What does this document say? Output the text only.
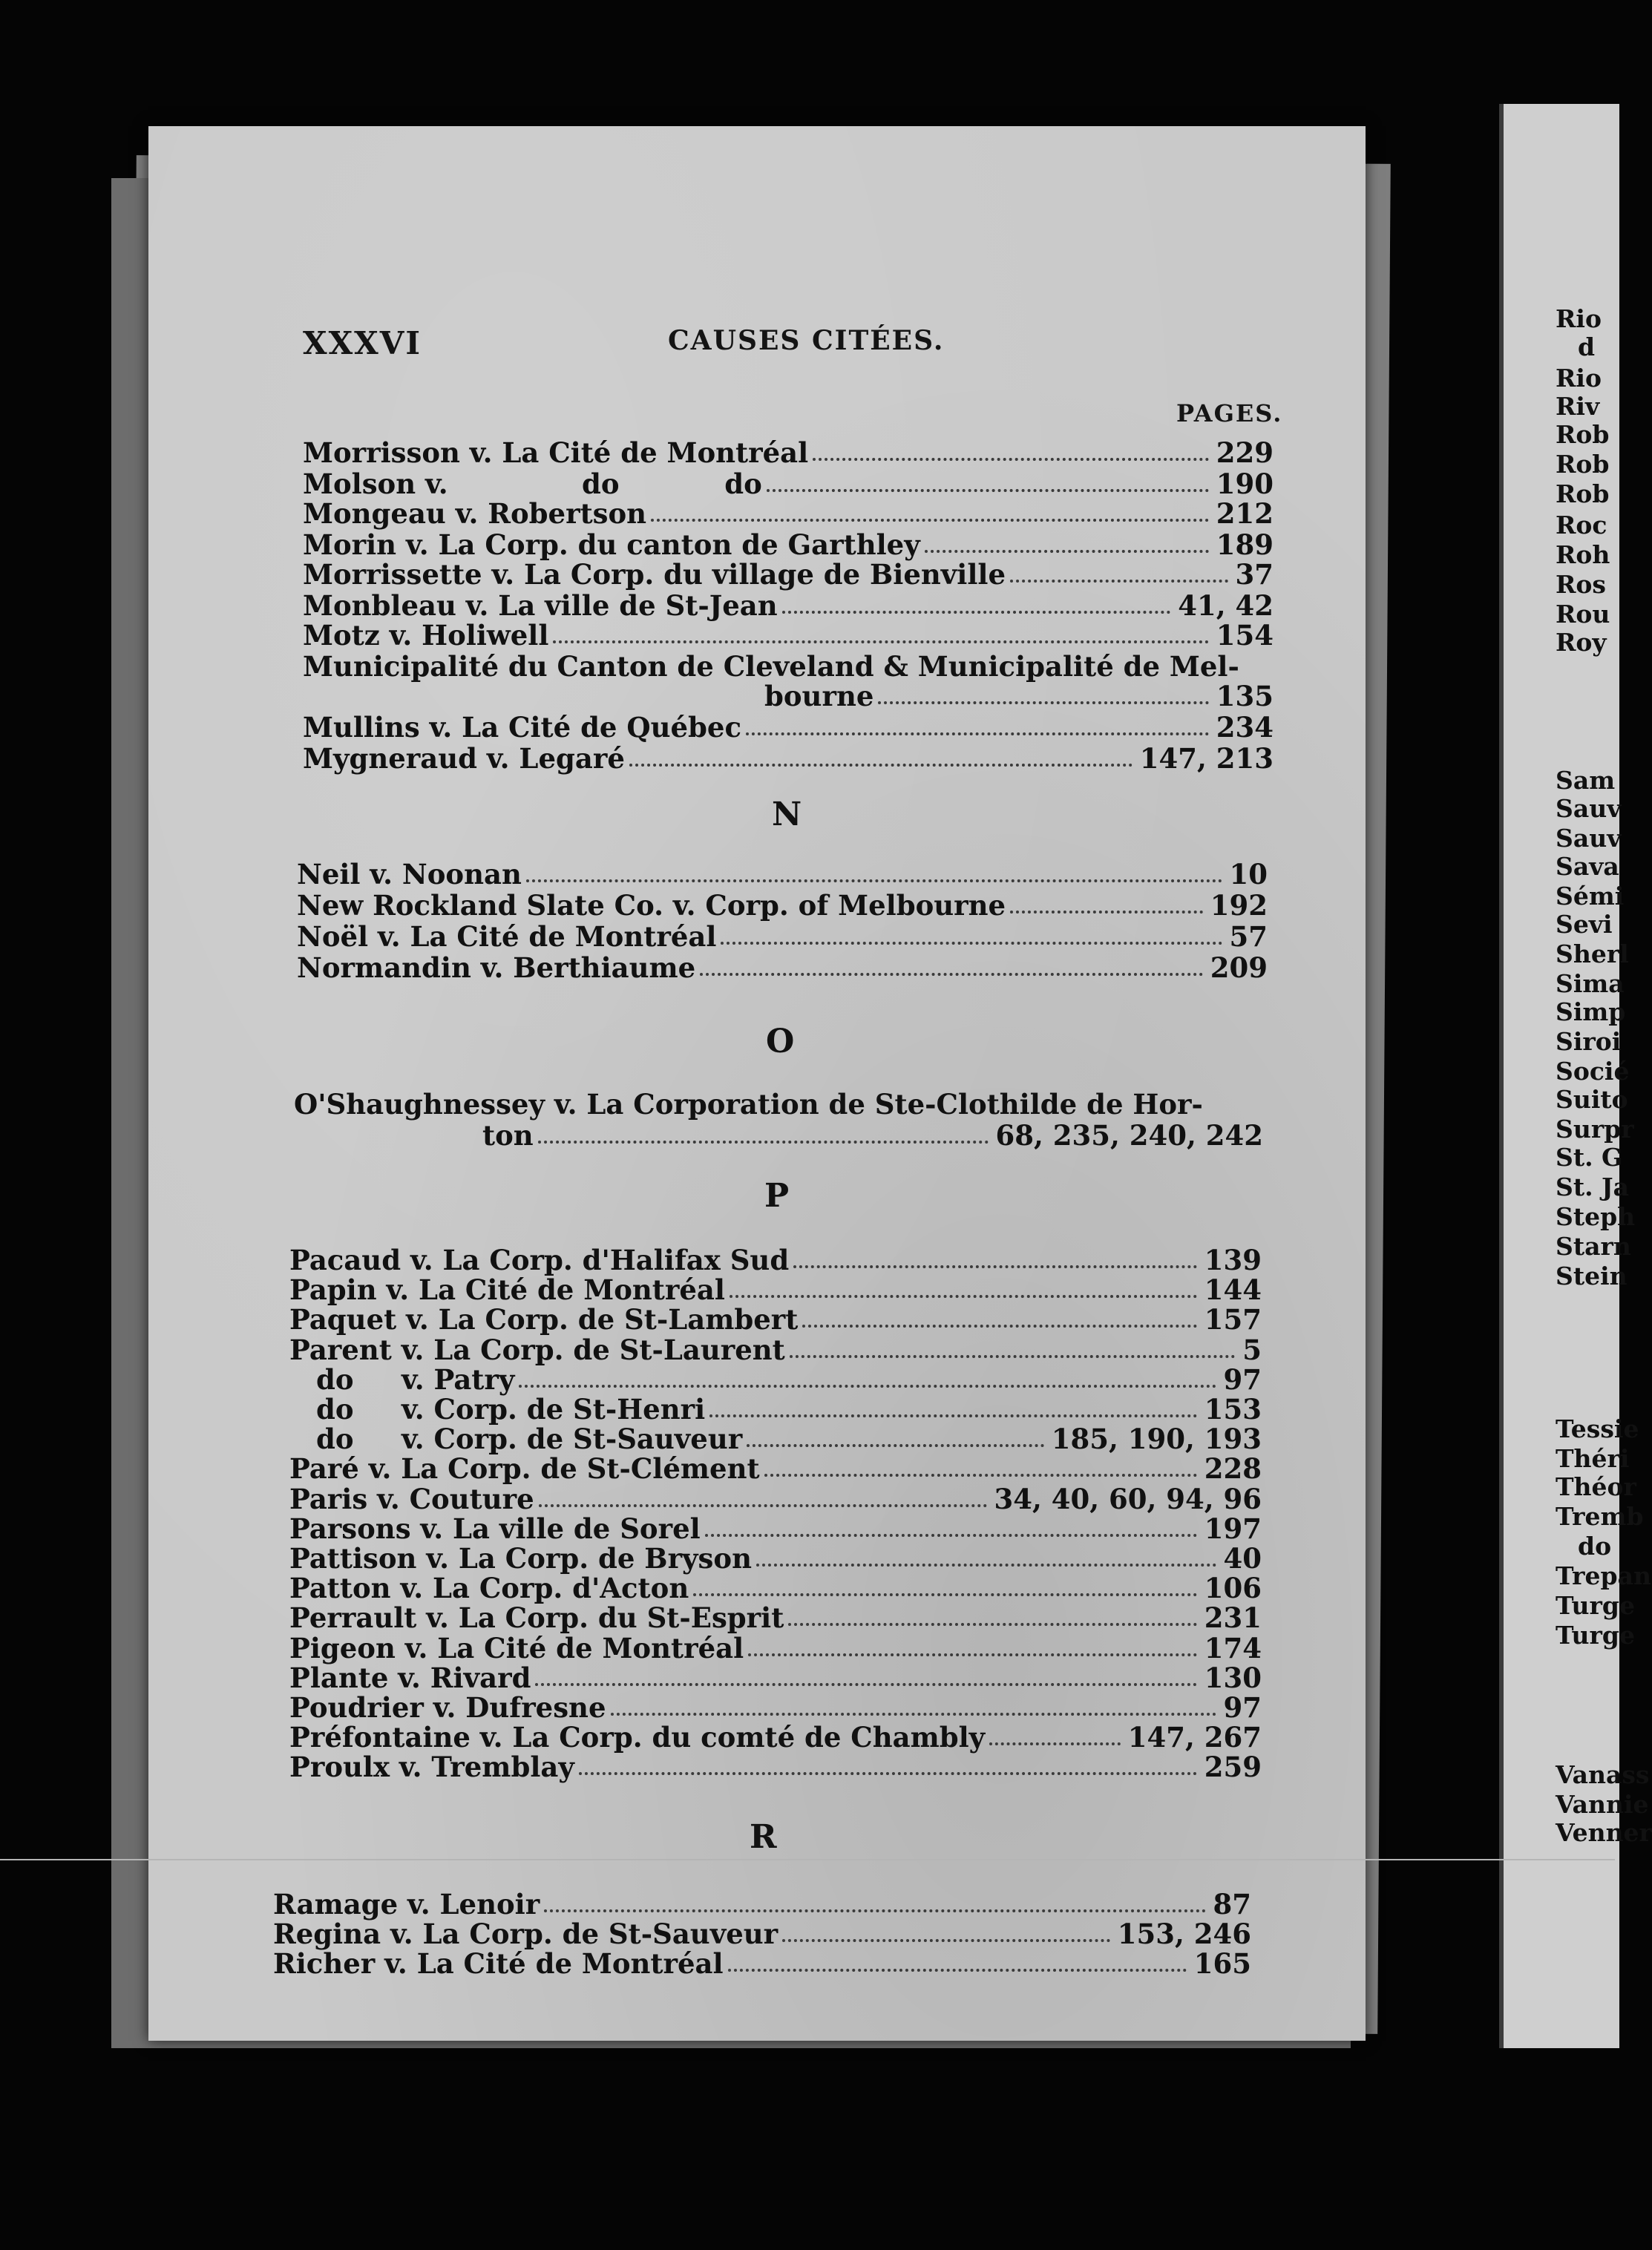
Rio
d
Rio
Riv
Rob
Rob
Rob
Roc
Roh
Ros
Rou
Roy
Sam
Sauv
Sauv
Sava
Sémi
Sevi
Sherl
Sima
Simp
Siroi
Socié
Suito
Surpr
St. G
St. Ja
Steph
Starn
Stein
Tessie
Théri
Théor
Tremb
do
Trepan
Turge
Turge
Vanass
Vannie
Venner
XXXVI	CAUSES CITÉES.
PAGES.
Morrisson v. La Cité de Montréal	229
Molson v.              do           do	190
Mongeau v. Robertson	212
Morin v. La Corp. du canton de Garthley	189
Morrissette v. La Corp. du village de Bienville	37
Monbleau v. La ville de St-Jean	41, 42
Motz v. Holiwell	154
Municipalité du Canton de Cleveland & Municipalité de Mel-
bourne	135
Mullins v. La Cité de Québec	234
Mygneraud v. Legaré	147, 213
N
Neil v. Noonan	10
New Rockland Slate Co. v. Corp. of Melbourne	192
Noël v. La Cité de Montréal	57
Normandin v. Berthiaume	209
O
O'Shaughnessey v. La Corporation de Ste-Clothilde de Hor-
ton	68, 235, 240, 242
P
Pacaud v. La Corp. d'Halifax Sud	139
Papin v. La Cité de Montréal	144
Paquet v. La Corp. de St-Lambert	157
Parent v. La Corp. de St-Laurent	5
do     v. Patry	97
do     v. Corp. de St-Henri	153
do     v. Corp. de St-Sauveur	185, 190, 193
Paré v. La Corp. de St-Clément	228
Paris v. Couture	34, 40, 60, 94, 96
Parsons v. La ville de Sorel	197
Pattison v. La Corp. de Bryson	40
Patton v. La Corp. d'Acton	106
Perrault v. La Corp. du St-Esprit	231
Pigeon v. La Cité de Montréal	174
Plante v. Rivard	130
Poudrier v. Dufresne	97
Préfontaine v. La Corp. du comté de Chambly	147, 267
Proulx v. Tremblay	259
R
Ramage v. Lenoir	87
Regina v. La Corp. de St-Sauveur	153, 246
Richer v. La Cité de Montréal	165
